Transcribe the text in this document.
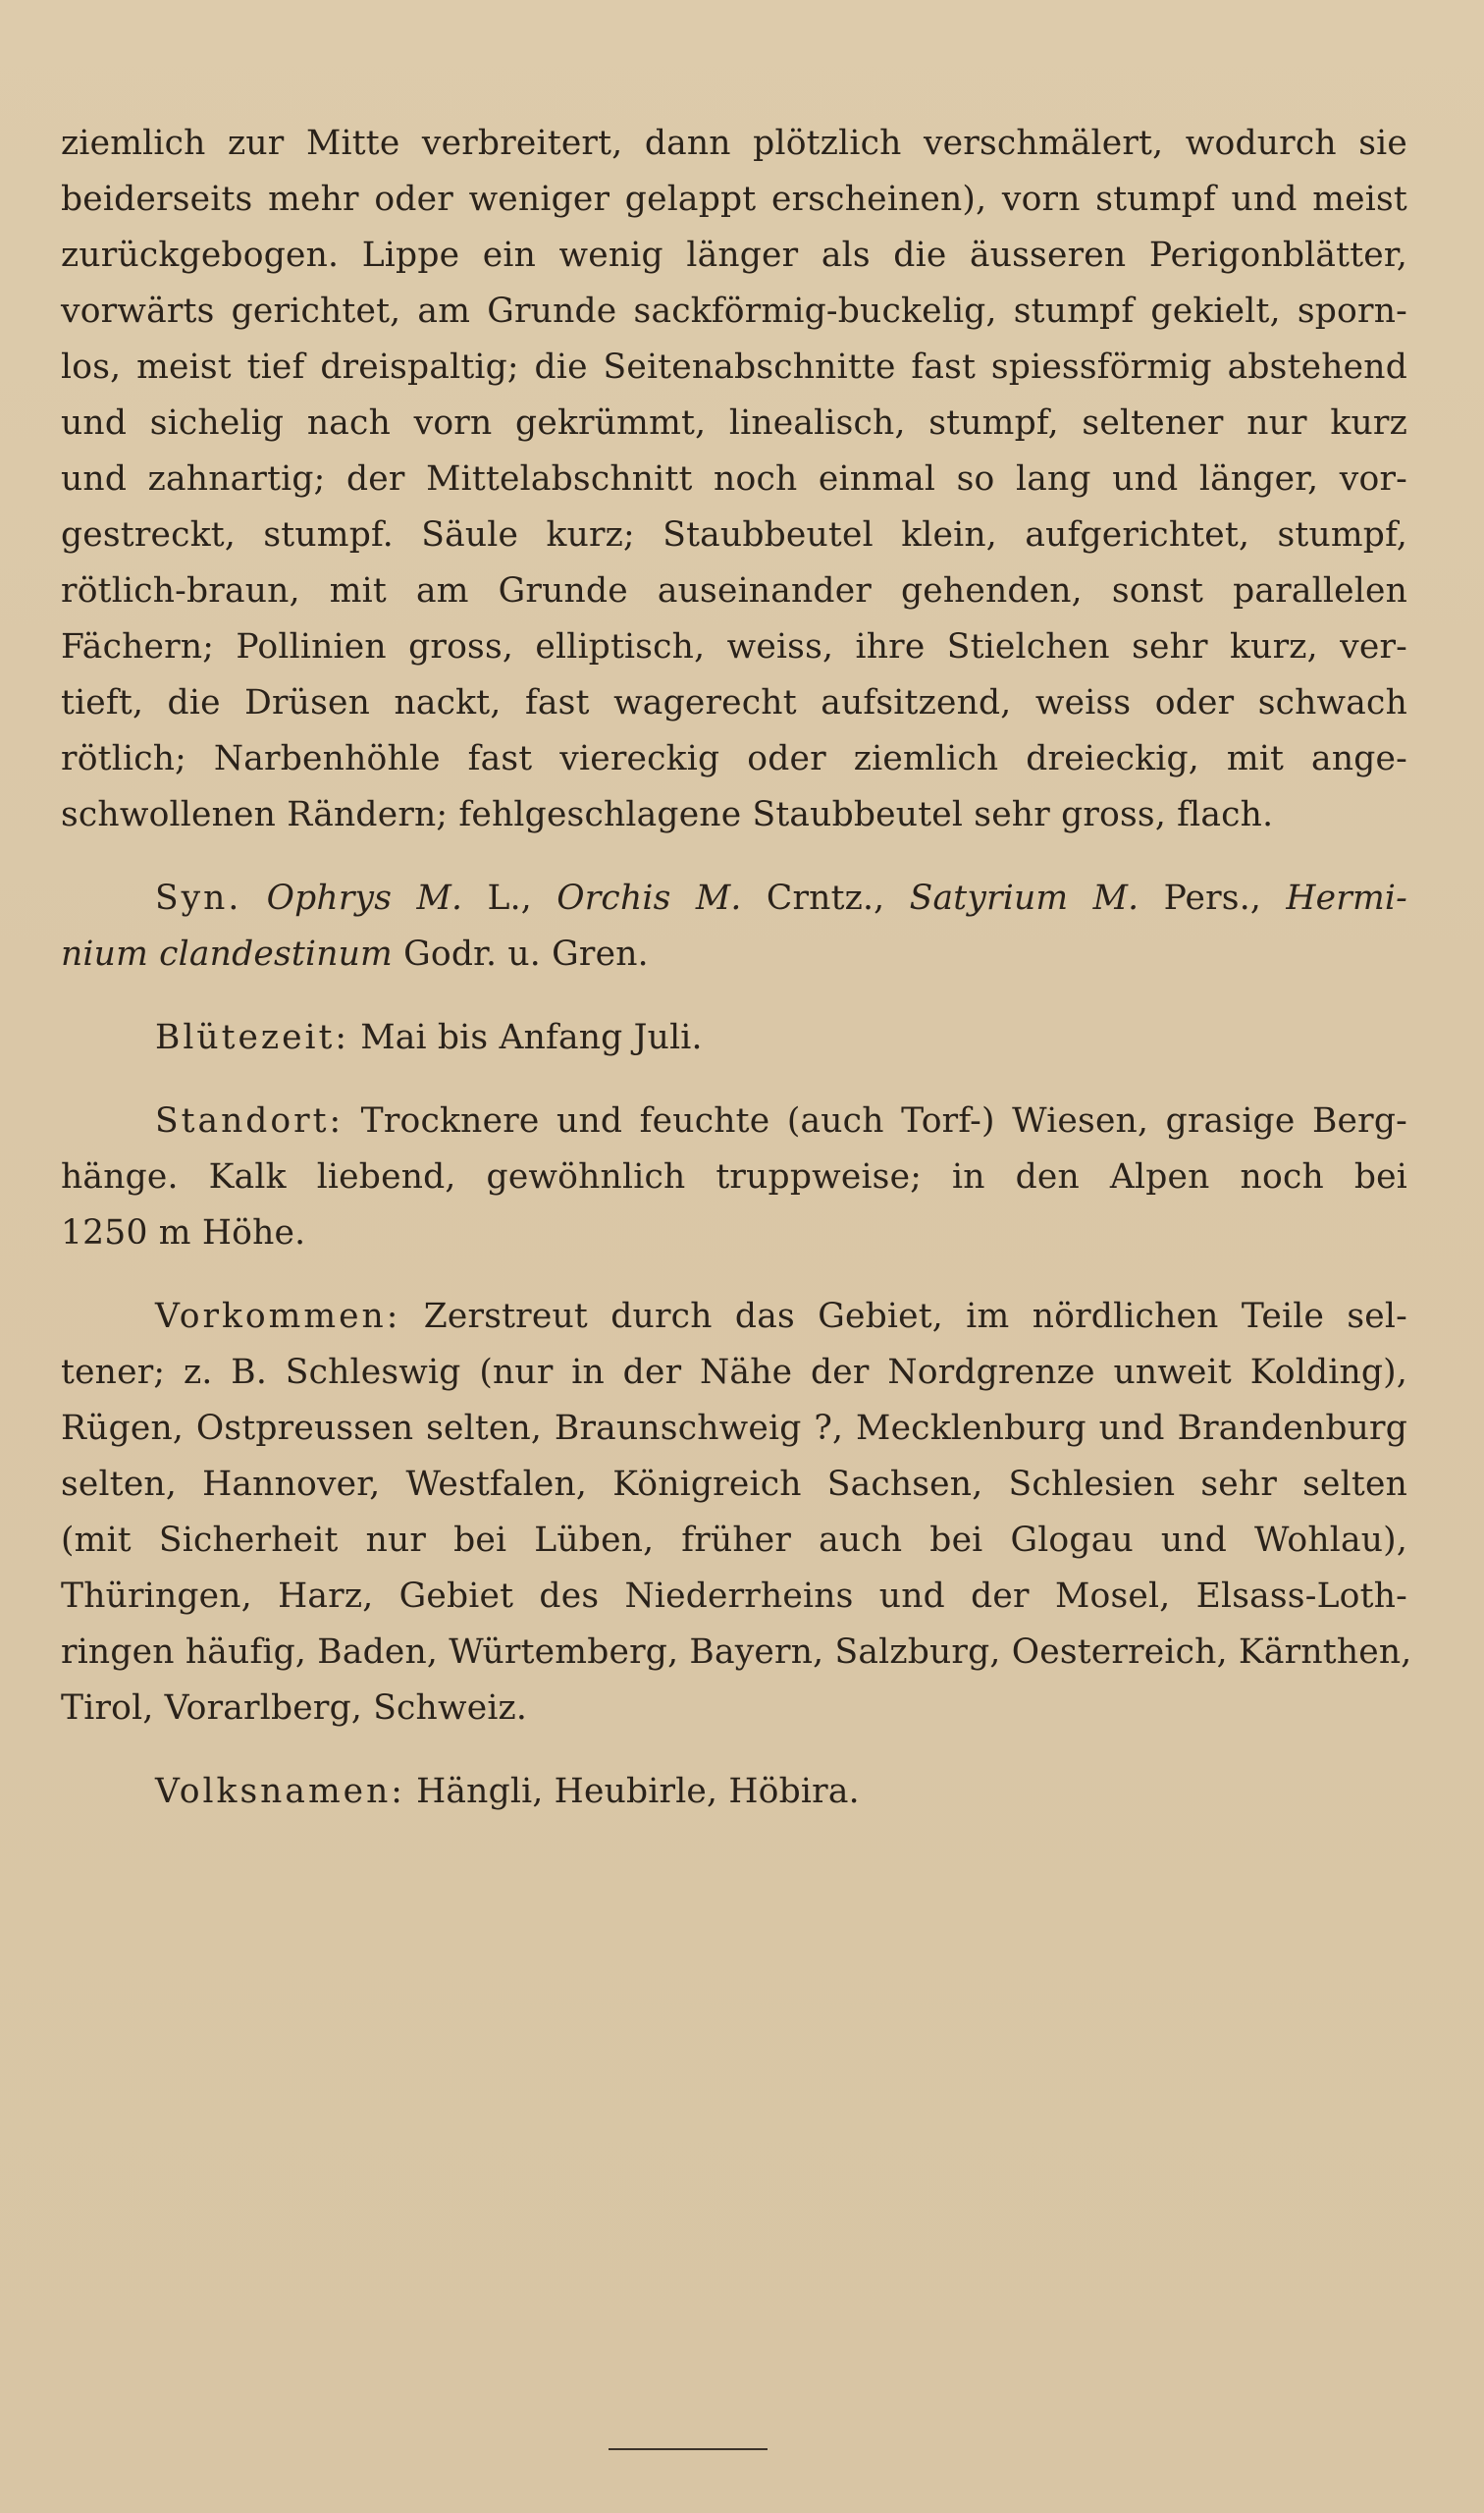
ziemlich zur Mitte verbreitert, dann plötzlich verschmälert, wodurch sie
beiderseits mehr oder weniger gelappt erscheinen), vorn stumpf und meist
zurückgebogen. Lippe ein wenig länger als die äusseren Perigonblätter,
vorwärts gerichtet, am Grunde sackförmig-buckelig, stumpf gekielt, sporn-
los, meist tief dreispaltig; die Seitenabschnitte fast spiessförmig abstehend
und sichelig nach vorn gekrümmt, linealisch, stumpf, seltener nur kurz
und zahnartig; der Mittelabschnitt noch einmal so lang und länger, vor-
gestreckt, stumpf. Säule kurz; Staubbeutel klein, aufgerichtet, stumpf,
rötlich-braun, mit am Grunde auseinander gehenden, sonst parallelen
Fächern; Pollinien gross, elliptisch, weiss, ihre Stielchen sehr kurz, ver-
tieft, die Drüsen nackt, fast wagerecht aufsitzend, weiss oder schwach
rötlich; Narbenhöhle fast viereckig oder ziemlich dreieckig, mit ange-
schwollenen Rändern; fehlgeschlagene Staubbeutel sehr gross, flach.
Syn. Ophrys M. L., Orchis M. Crntz., Satyrium M. Pers., Hermi-
nium clandestinum Godr. u. Gren.
Blütezeit: Mai bis Anfang Juli.
Standort: Trocknere und feuchte (auch Torf-) Wiesen, grasige Berg-
hänge. Kalk liebend, gewöhnlich truppweise; in den Alpen noch bei
1250 m Höhe.
Vorkommen: Zerstreut durch das Gebiet, im nördlichen Teile sel-
tener; z. B. Schleswig (nur in der Nähe der Nordgrenze unweit Kolding),
Rügen, Ostpreussen selten, Braunschweig ?, Mecklenburg und Brandenburg
selten, Hannover, Westfalen, Königreich Sachsen, Schlesien sehr selten
(mit Sicherheit nur bei Lüben, früher auch bei Glogau und Wohlau),
Thüringen, Harz, Gebiet des Niederrheins und der Mosel, Elsass-Loth-
ringen häufig, Baden, Würtemberg, Bayern, Salzburg, Oesterreich, Kärnthen,
Tirol, Vorarlberg, Schweiz.
Volksnamen: Hängli, Heubirle, Höbira.
